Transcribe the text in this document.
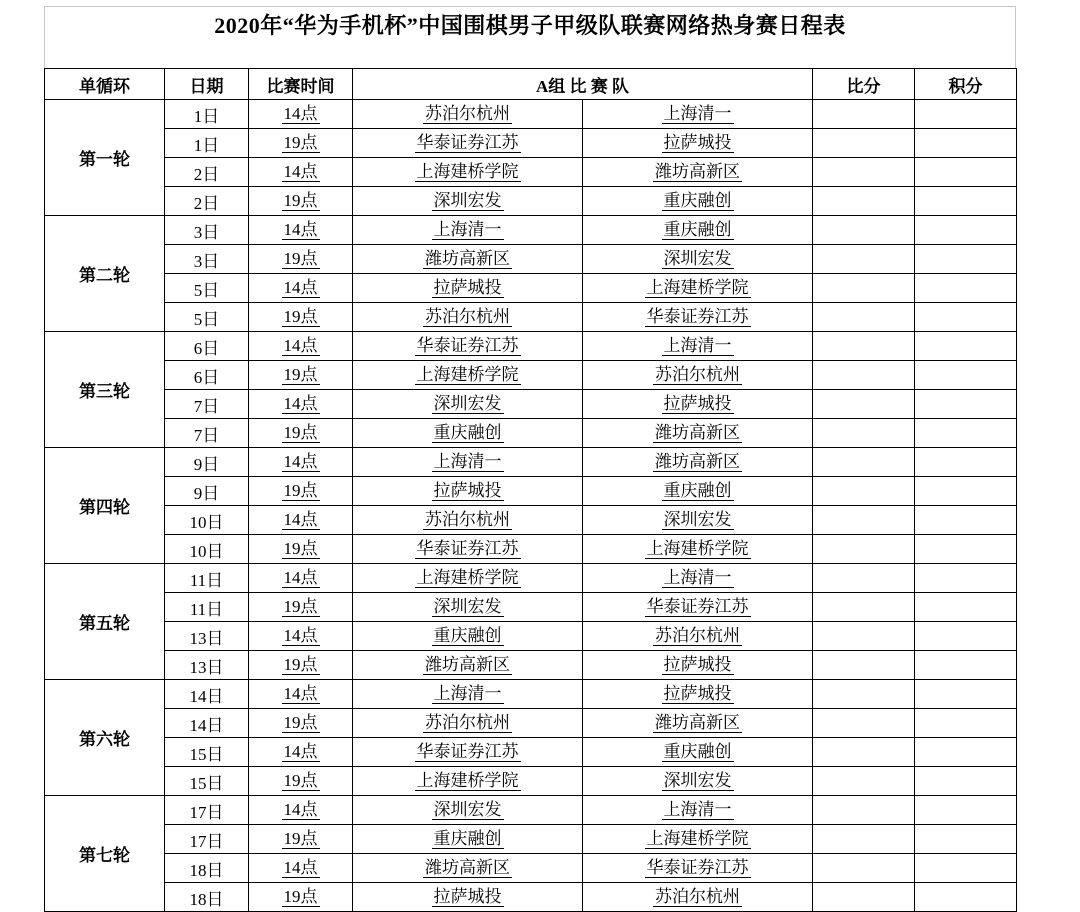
2020年“华为手机杯”中国围棋男子甲级队联赛网络热身赛日程表
单循环	日期	比赛时间	A组 比 赛 队		比分	积分
第一轮	1日	14点	苏泊尔杭州	上海清一		
	1日	19点	华泰证券江苏	拉萨城投		
	2日	14点	上海建桥学院	潍坊高新区		
	2日	19点	深圳宏发	重庆融创		
第二轮	3日	14点	上海清一	重庆融创		
	3日	19点	潍坊高新区	深圳宏发		
	5日	14点	拉萨城投	上海建桥学院		
	5日	19点	苏泊尔杭州	华泰证券江苏		
第三轮	6日	14点	华泰证券江苏	上海清一		
	6日	19点	上海建桥学院	苏泊尔杭州		
	7日	14点	深圳宏发	拉萨城投		
	7日	19点	重庆融创	潍坊高新区		
第四轮	9日	14点	上海清一	潍坊高新区		
	9日	19点	拉萨城投	重庆融创		
	10日	14点	苏泊尔杭州	深圳宏发		
	10日	19点	华泰证券江苏	上海建桥学院		
第五轮	11日	14点	上海建桥学院	上海清一		
	11日	19点	深圳宏发	华泰证券江苏		
	13日	14点	重庆融创	苏泊尔杭州		
	13日	19点	潍坊高新区	拉萨城投		
第六轮	14日	14点	上海清一	拉萨城投		
	14日	19点	苏泊尔杭州	潍坊高新区		
	15日	14点	华泰证券江苏	重庆融创		
	15日	19点	上海建桥学院	深圳宏发		
第七轮	17日	14点	深圳宏发	上海清一		
	17日	19点	重庆融创	上海建桥学院		
	18日	14点	潍坊高新区	华泰证券江苏		
	18日	19点	拉萨城投	苏泊尔杭州		
